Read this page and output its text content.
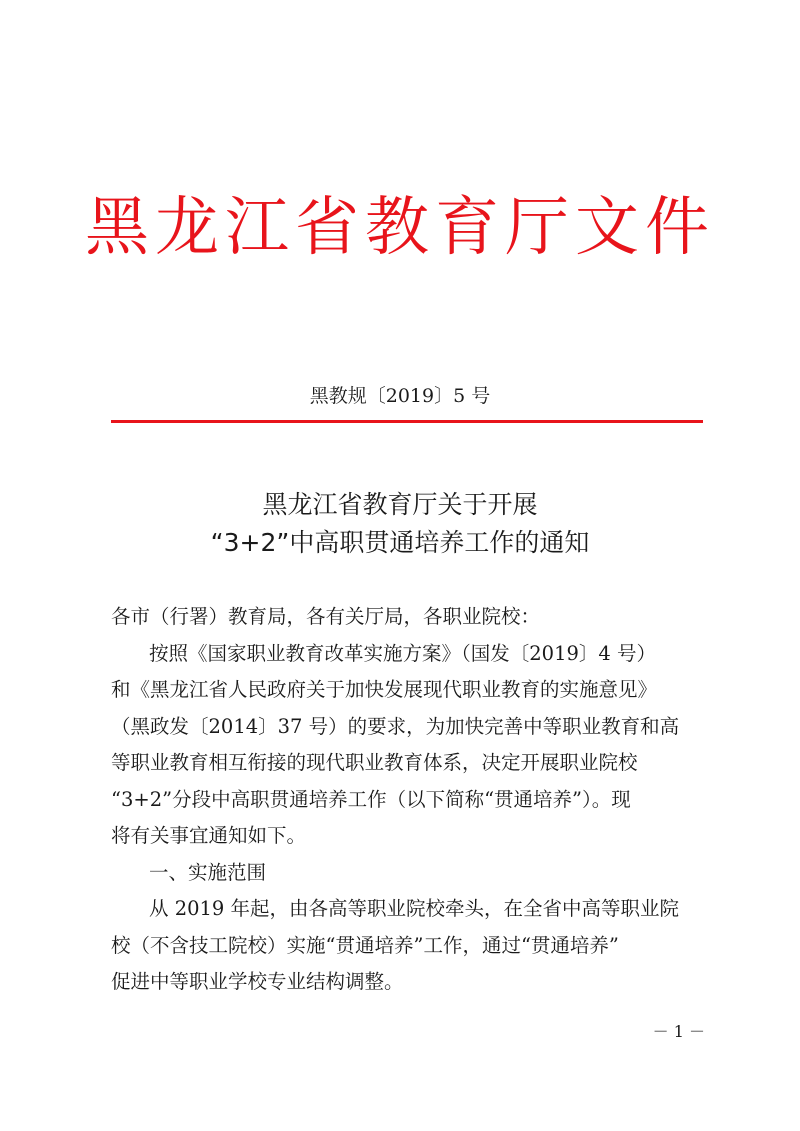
黑龙江省教育厅文件
黑教规〔2019〕5 号
黑龙江省教育厅关于开展
“3+2”中高职贯通培养工作的通知
各市（行署）教育局，各有关厅局，各职业院校：
按照《国家职业教育改革实施方案》（国发〔2019〕4 号）
和《黑龙江省人民政府关于加快发展现代职业教育的实施意见》
（黑政发〔2014〕37 号）的要求，为加快完善中等职业教育和高
等职业教育相互衔接的现代职业教育体系，决定开展职业院校
“3+2”分段中高职贯通培养工作（以下简称“贯通培养”）。现
将有关事宜通知如下。
一、实施范围
从 2019 年起，由各高等职业院校牵头，在全省中高等职业院
校（不含技工院校）实施“贯通培养”工作，通过“贯通培养”
促进中等职业学校专业结构调整。
－ 1 －
